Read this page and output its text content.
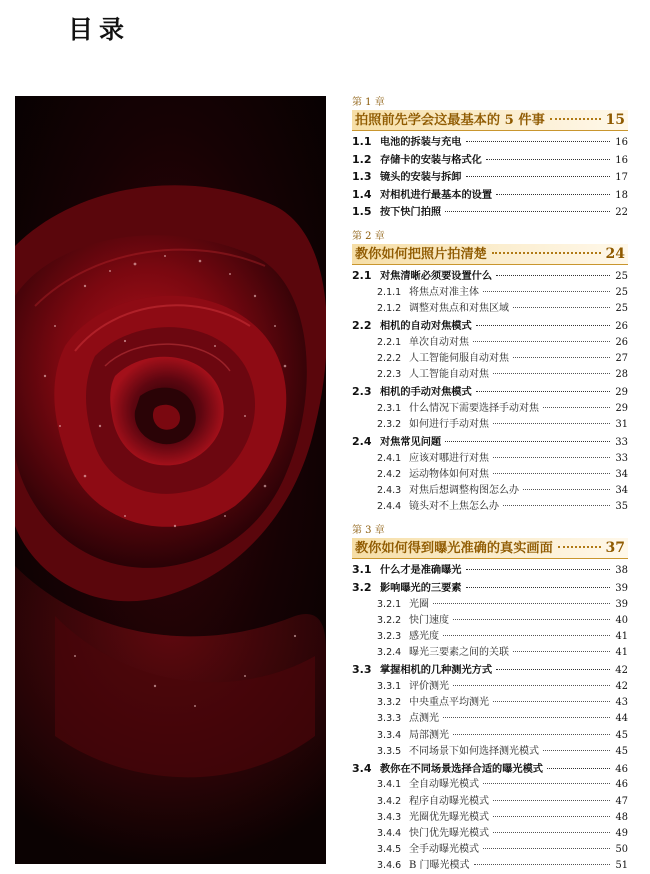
目录
第 1 章
拍照前先学会这最基本的 5 件事	15
1.1 电池的拆装与充电	16
1.2 存储卡的安装与格式化	16
1.3 镜头的安装与拆卸	17
1.4 对相机进行最基本的设置	18
1.5 按下快门拍照	22
第 2 章
教你如何把照片拍清楚	24
2.1 对焦清晰必须要设置什么	25
2.1.1 将焦点对准主体	25
2.1.2 调整对焦点和对焦区域	25
2.2 相机的自动对焦模式	26
2.2.1 单次自动对焦	26
2.2.2 人工智能伺服自动对焦	27
2.2.3 人工智能自动对焦	28
2.3 相机的手动对焦模式	29
2.3.1 什么情况下需要选择手动对焦	29
2.3.2 如何进行手动对焦	31
2.4 对焦常见问题	33
2.4.1 应该对哪进行对焦	33
2.4.2 运动物体如何对焦	34
2.4.3 对焦后想调整构图怎么办	34
2.4.4 镜头对不上焦怎么办	35
第 3 章
教你如何得到曝光准确的真实画面	37
3.1 什么才是准确曝光	38
3.2 影响曝光的三要素	39
3.2.1 光圈	39
3.2.2 快门速度	40
3.2.3 感光度	41
3.2.4 曝光三要素之间的关联	41
3.3 掌握相机的几种测光方式	42
3.3.1 评价测光	42
3.3.2 中央重点平均测光	43
3.3.3 点测光	44
3.3.4 局部测光	45
3.3.5 不同场景下如何选择测光模式	45
3.4 教你在不同场景选择合适的曝光模式	46
3.4.1 全自动曝光模式	46
3.4.2 程序自动曝光模式	47
3.4.3 光圈优先曝光模式	48
3.4.4 快门优先曝光模式	49
3.4.5 全手动曝光模式	50
3.4.6 B 门曝光模式	51
